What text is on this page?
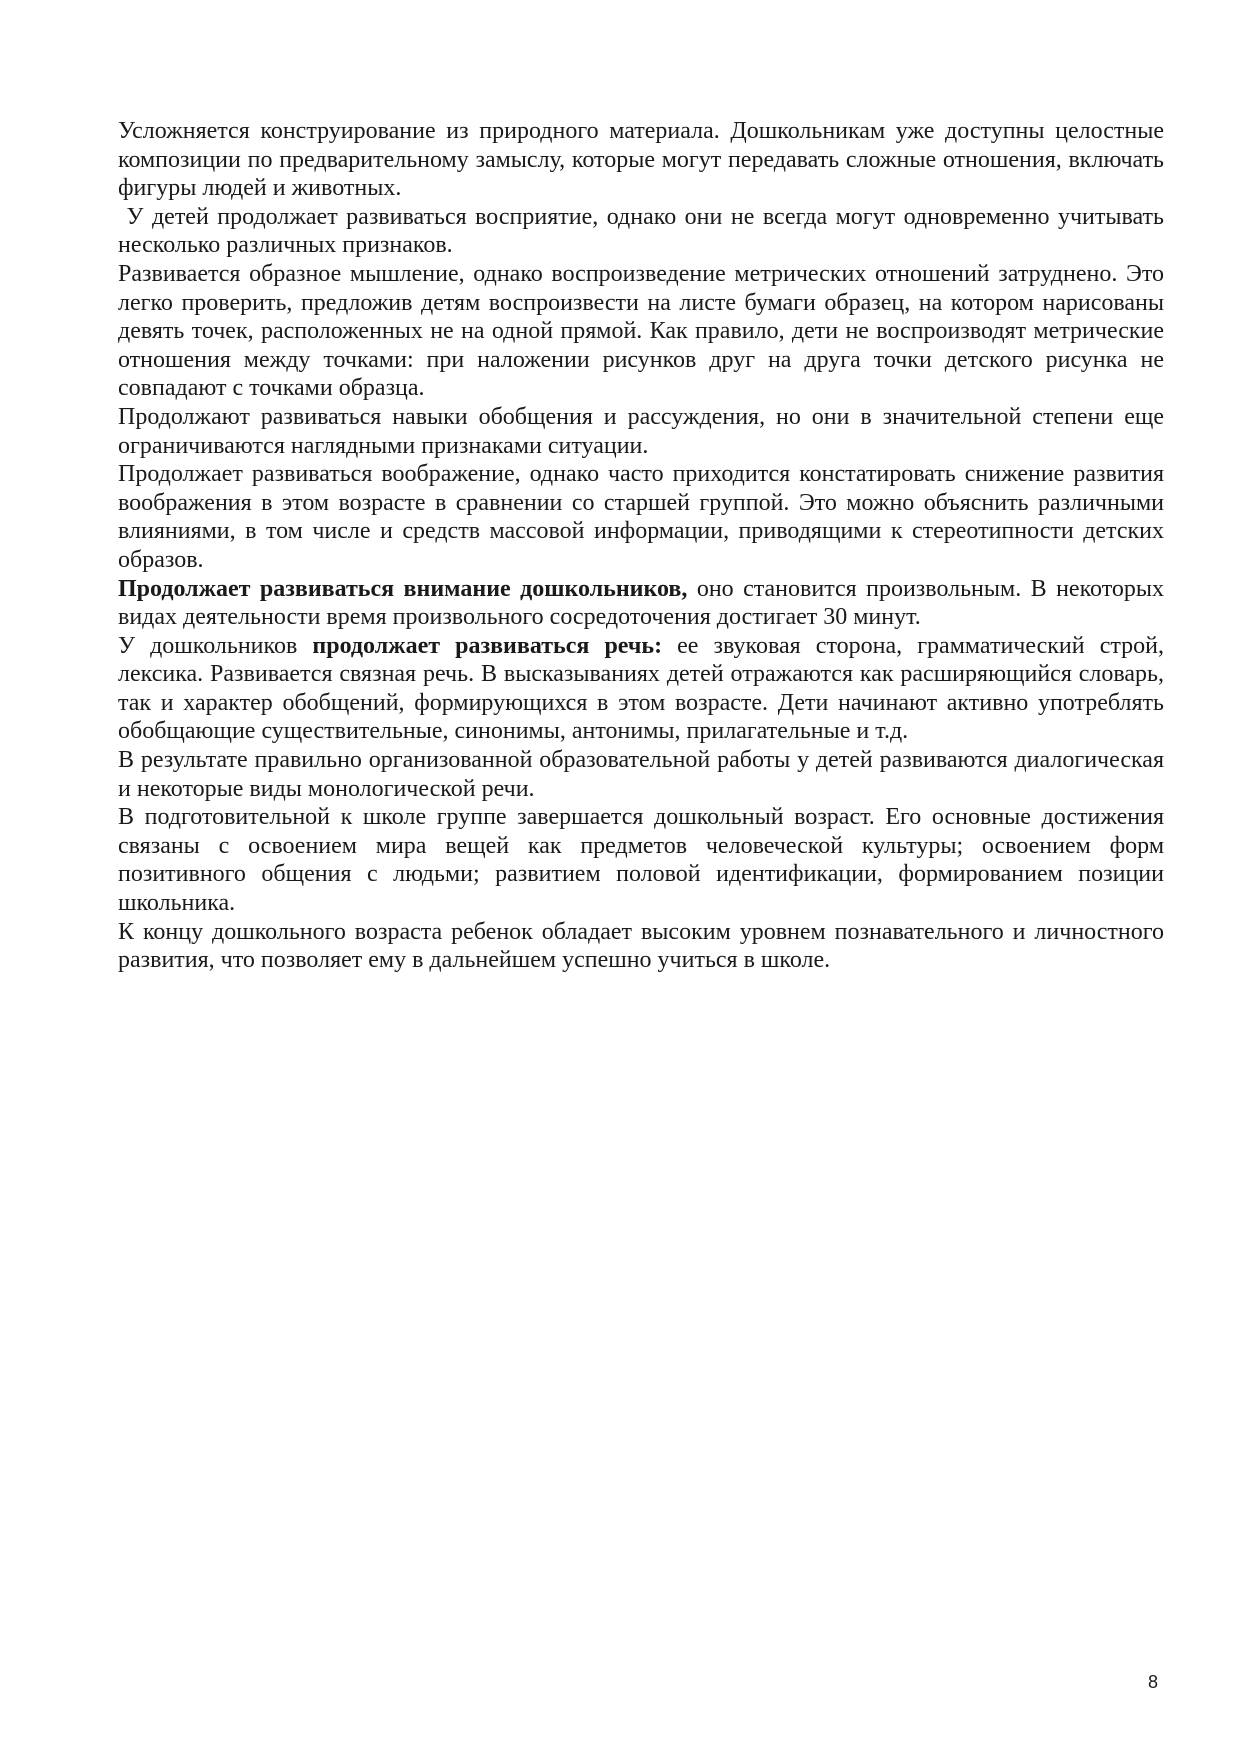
Усложняется конструирование из природного материала. Дошкольникам уже доступны целостные композиции по предварительному замыслу, которые могут передавать сложные отношения, включать фигуры людей и животных.

У детей продолжает развиваться восприятие, однако они не всегда могут одновременно учитывать несколько различных признаков.

Развивается образное мышление, однако воспроизведение метрических отношений затруднено. Это легко проверить, предложив детям воспроизвести на листе бумаги образец, на котором нарисованы девять точек, расположенных не на одной прямой. Как правило, дети не воспроизводят метрические отношения между точками: при наложении рисунков друг на друга точки детского рисунка не совпадают с точками образца.

Продолжают развиваться навыки обобщения и рассуждения, но они в значительной степени еще ограничиваются наглядными признаками ситуации.

Продолжает развиваться воображение, однако часто приходится констатировать снижение развития воображения в этом возрасте в сравнении со старшей группой. Это можно объяснить различными влияниями, в том числе и средств массовой информации, приводящими к стереотипности детских образов.

Продолжает развиваться внимание дошкольников, оно становится произвольным. В некоторых видах деятельности время произвольного сосредоточения достигает 30 минут.

У дошкольников продолжает развиваться речь: ее звуковая сторона, грамматический строй, лексика. Развивается связная речь. В высказываниях детей отражаются как расширяющийся словарь, так и характер обобщений, формирующихся в этом возрасте. Дети начинают активно употреблять обобщающие существительные, синонимы, антонимы, прилагательные и т.д.

В результате правильно организованной образовательной работы у детей развиваются диалогическая и некоторые виды монологической речи.

В подготовительной к школе группе завершается дошкольный возраст. Его основные достижения связаны с освоением мира вещей как предметов человеческой культуры; освоением форм позитивного общения с людьми; развитием половой идентификации, формированием позиции школьника.

К концу дошкольного возраста ребенок обладает высоким уровнем познавательного и личностного развития, что позволяет ему в дальнейшем успешно учиться в школе.

8
